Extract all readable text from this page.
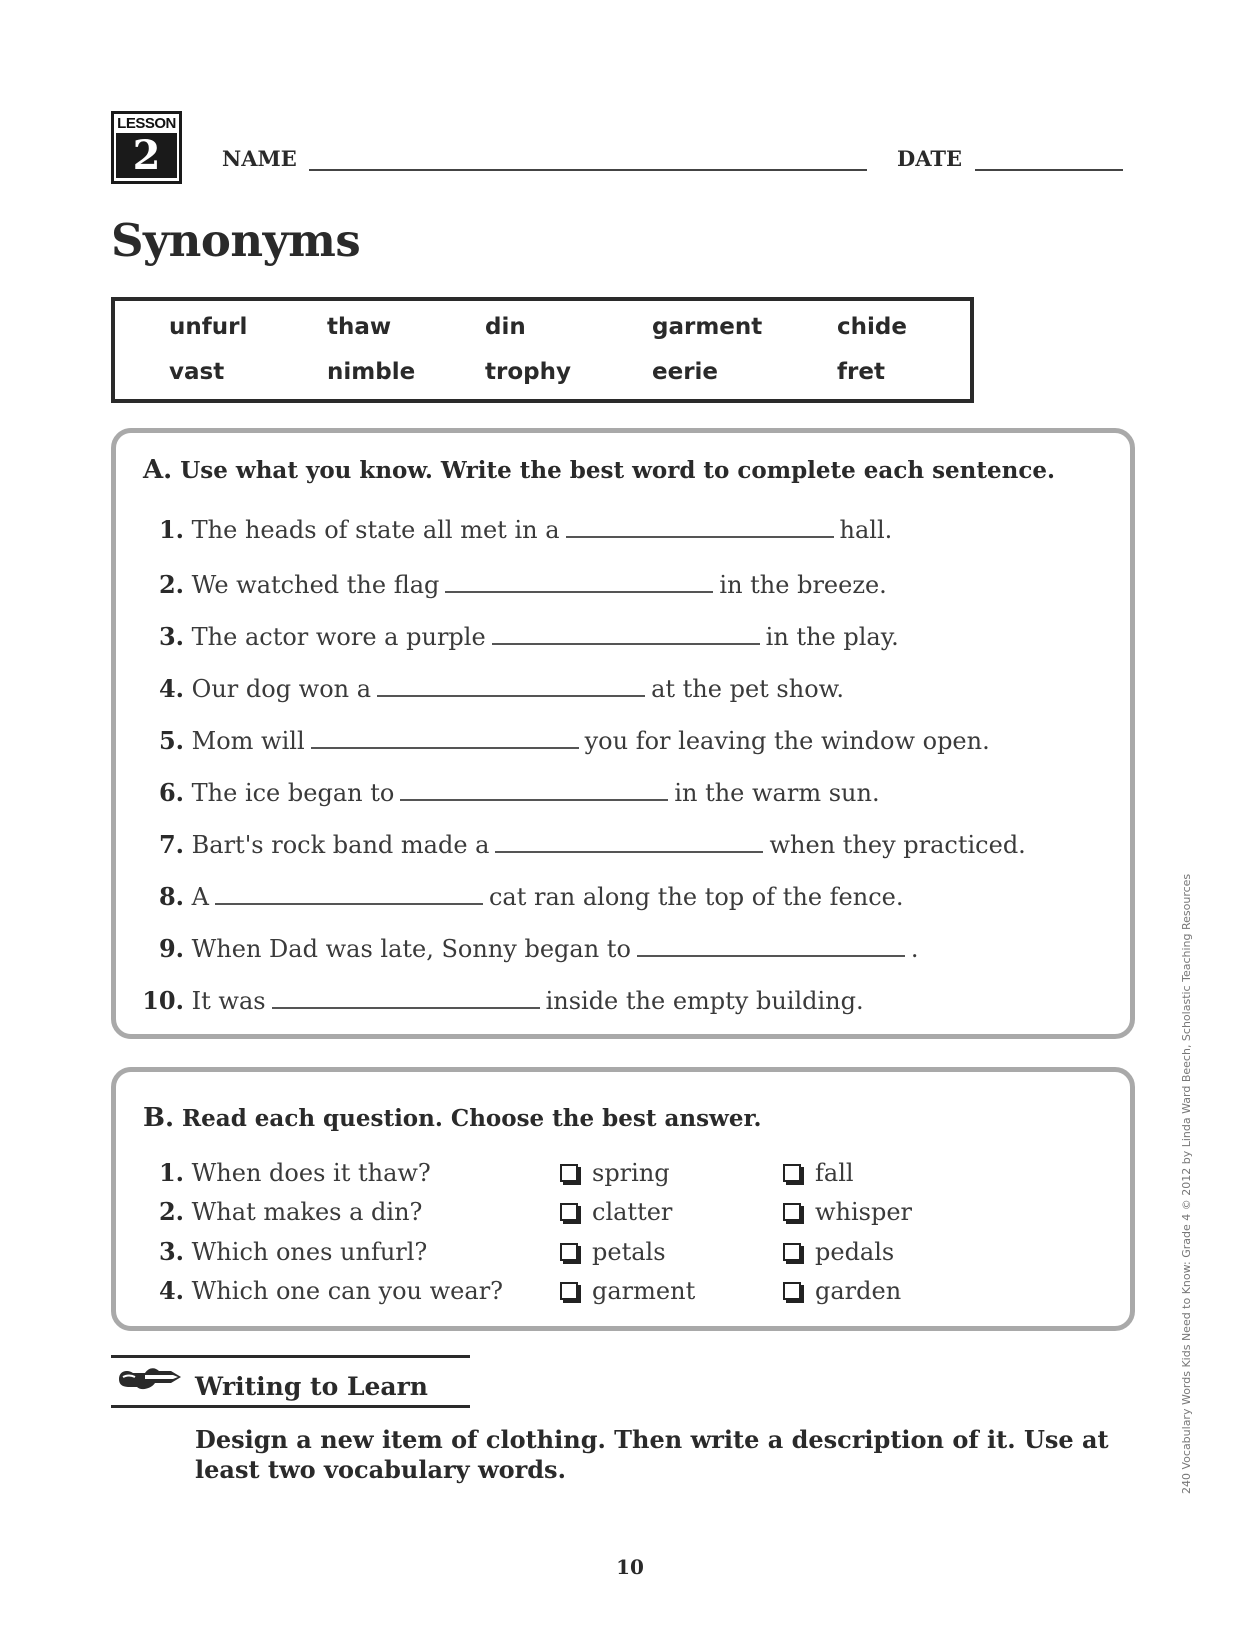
LESSON
2	NAME	DATE
Synonyms
unfurl	thaw	din	garment	chide
vast	nimble	trophy	eerie	fret
A. Use what you know. Write the best word to complete each sentence.
1. The heads of state all met in a	hall.
2. We watched the flag	in the breeze.
3. The actor wore a purple	in the play.
4. Our dog won a	at the pet show.
5. Mom will	you for leaving the window open.
6. The ice began to	in the warm sun.
7. Bart's rock band made a	when they practiced.
8. A	cat ran along the top of the fence.
9. When Dad was late, Sonny began to	.
10. It was	inside the empty building.
B. Read each question. Choose the best answer.
1. When does it thaw?	spring	fall
2. What makes a din?	clatter	whisper
3. Which ones unfurl?	petals	pedals
4. Which one can you wear?	garment	garden
Writing to Learn
Design a new item of clothing. Then write a description of it. Use at least two vocabulary words.
10
240 Vocabulary Words Kids Need to Know: Grade 4 © 2012 by Linda Ward Beech, Scholastic Teaching Resources
